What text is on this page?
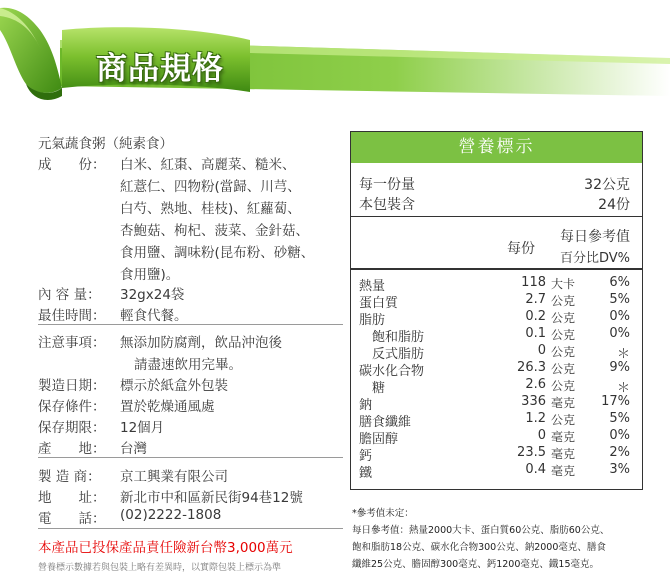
商品規格
元氣蔬食粥（純素食）
成　　份： 白米、紅棗、高麗菜、糙米、
紅薏仁、四物粉(當歸、川芎、
白芍、熟地、桂枝)、紅蘿蔔、
杏鮑菇、枸杞、菠菜、金針菇、
食用鹽、調味粉(昆布粉、砂糖、
食用鹽)。
內 容 量： 32gx24袋
最佳時間： 輕食代餐。
注意事項： 無添加防腐劑，飲品沖泡後
請盡速飲用完畢。
製造日期： 標示於紙盒外包裝
保存條件： 置於乾燥通風處
保存期限： 12個月
產　　地： 台灣
製 造 商： 京工興業有限公司
地　　址： 新北市中和區新民街94巷12號
電　　話： (02)2222-1808
本產品已投保產品責任險新台幣3,000萬元
營養標示數據若與包裝上略有差異時，以實際包裝上標示為準
營養標示
每一份量	32公克
本包裝含	24份
每份
每日參考值
百分比DV%
熱量	118 大卡	6%
蛋白質	2.7 公克	5%
脂肪	0.2 公克	0%
　飽和脂肪	0.1 公克	0%
　反式脂肪	0 公克	＊
碳水化合物	26.3 公克	9%
　糖	2.6 公克	＊
鈉	336 毫克 17%
膳食纖維	1.2 公克	5%
膽固醇	0 毫克	0%
鈣	23.5 毫克	2%
鐵	0.4 毫克	3%
*參考值未定：
每日參考值：熱量2000大卡、蛋白質60公克、脂肪60公克、
飽和脂肪18公克、碳水化合物300公克、鈉2000毫克、膳食
纖維25公克、膽固醇300毫克、鈣1200毫克、鐵15毫克。
